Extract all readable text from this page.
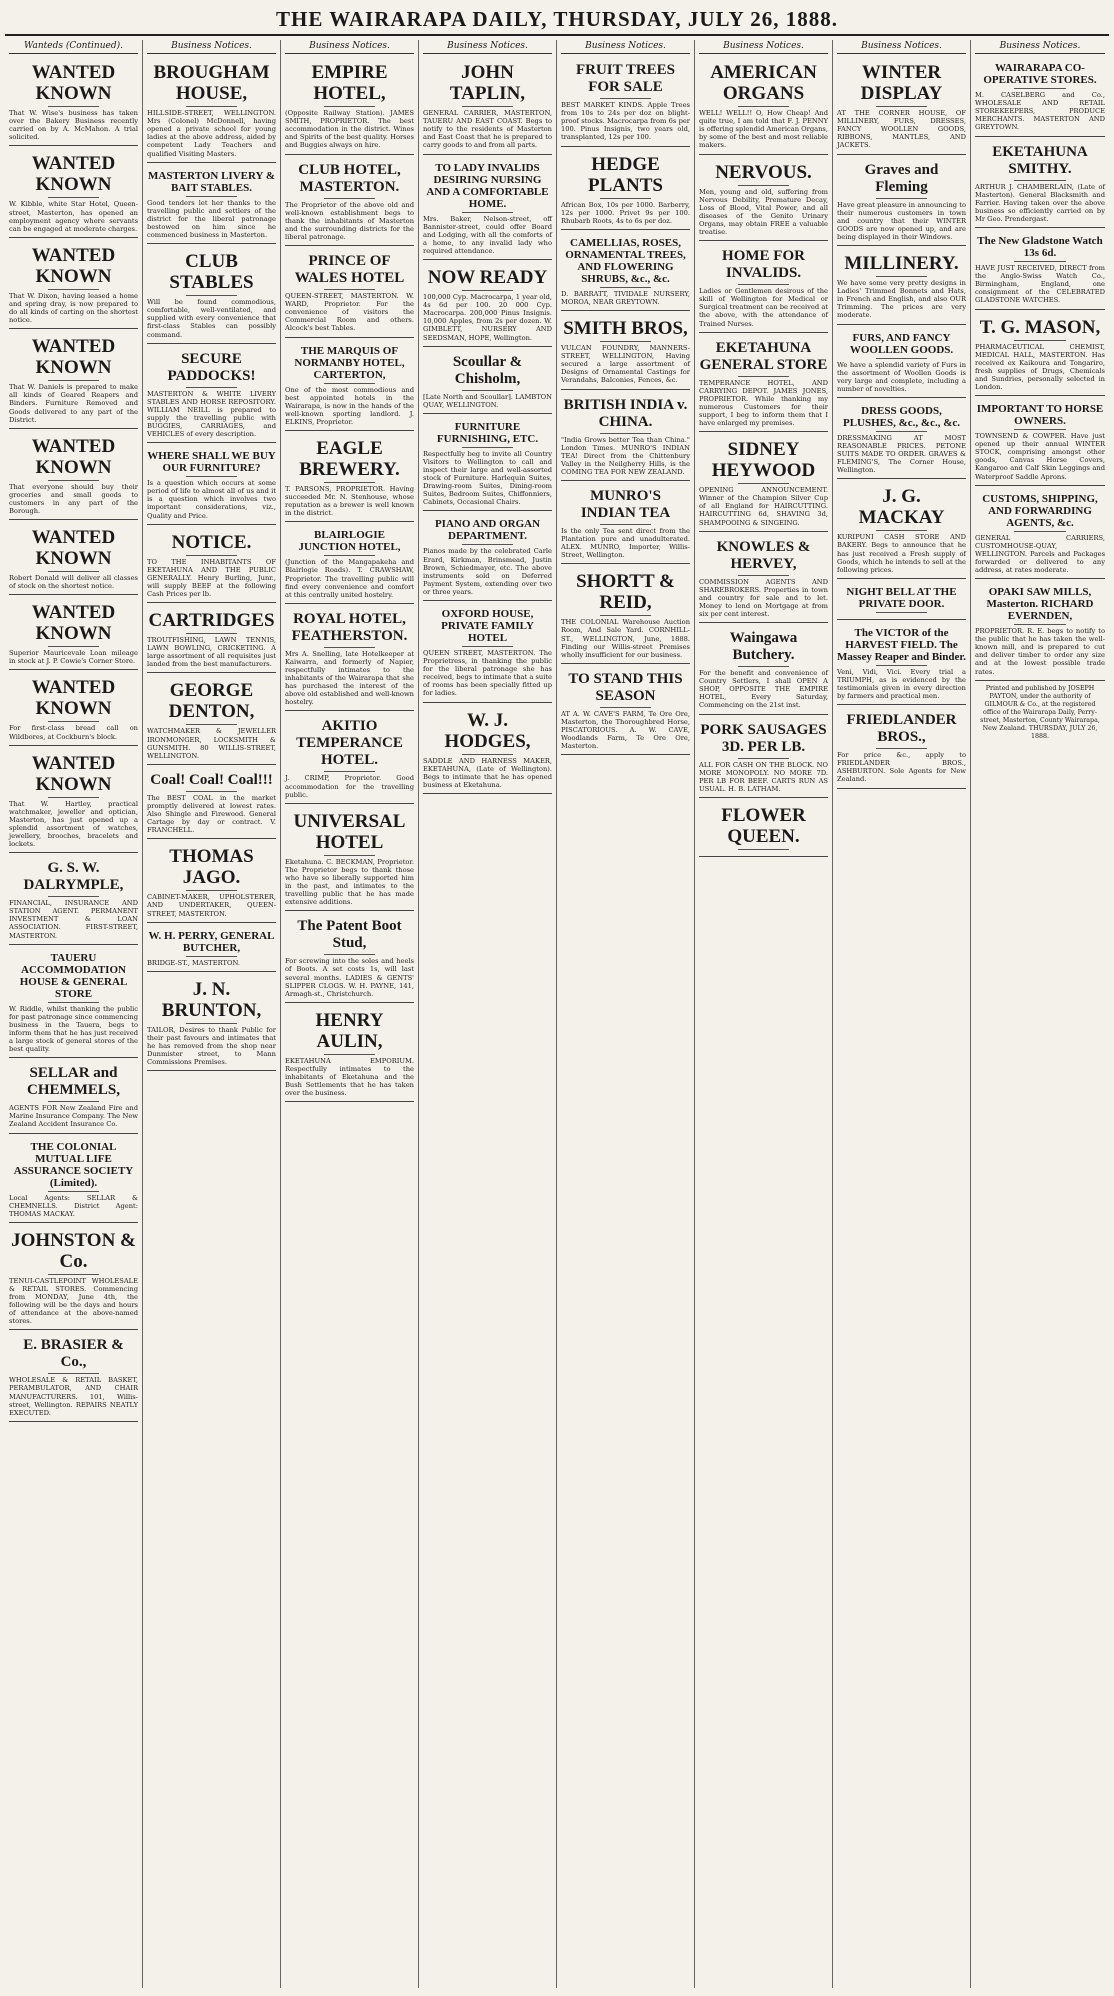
THE WAIRARAPA DAILY, THURSDAY, JULY 26, 1888.
Wanteds (Continued).
WANTED KNOWN
That W. Wise's business has taken over the Bakery Business recently carried on by A. McMahon. A trial solicited.
WANTED KNOWN
W. Kibble, white Star Hotel, Queen-street, Masterton, has opened an employment agency where servants can be engaged at moderate charges.
WANTED KNOWN
That W. Dixon, having leased a home and spring dray, is now prepared to do all kinds of carting on the shortest notice.
WANTED KNOWN
That W. Daniels is prepared to make all kinds of Geared Reapers and Binders. Furniture Removed and Goods delivered to any part of the District.
WANTED KNOWN
That everyone should buy their groceries and small goods to customers in any part of the Borough.
WANTED KNOWN
Robert Donald will deliver all classes of stock on the shortest notice.
WANTED KNOWN
Superior Mauricevale Loan mileage in stock at J. P. Cowie's Corner Store.
WANTED KNOWN
For first-class bread call on Wildbores, at Cockburn's block.
WANTED KNOWN
That W. Hartley, practical watchmaker, jeweller and optician, Masterton, has just opened up a splendid assortment of watches, jewellery, brooches, bracelets and lockets.
G. S. W. DALRYMPLE,
FINANCIAL, INSURANCE AND STATION AGENT. PERMANENT INVESTMENT & LOAN ASSOCIATION. FIRST-STREET, MASTERTON.
TAUERU ACCOMMODATION HOUSE & GENERAL STORE
W. Riddle, whilst thanking the public for past patronage since commencing business in the Tauera, begs to inform them that he has just received a large stock of general stores of the best quality.
SELLAR and CHEMMELS,
AGENTS FOR New Zealand Fire and Marine Insurance Company. The New Zealand Accident Insurance Co.
THE COLONIAL MUTUAL LIFE ASSURANCE SOCIETY (Limited).
Local Agents: SELLAR & CHEMNELLS. District Agent: THOMAS MACKAY.
JOHNSTON & Co.
TENUI-CASTLEPOINT WHOLESALE & RETAIL STORES. Commencing from MONDAY, June 4th, the following will be the days and hours of attendance at the above-named stores.
E. BRASIER & Co.,
WHOLESALE & RETAIL BASKET, PERAMBULATOR, AND CHAIR MANUFACTURERS. 101, Willis-street, Wellington. REPAIRS NEATLY EXECUTED.
Business Notices.
BROUGHAM HOUSE,
HILLSIDE-STREET, WELLINGTON. Mrs (Colonel) McDonnell, having opened a private school for young ladies at the above address, aided by competent Lady Teachers and qualified Visiting Masters.
MASTERTON LIVERY & BAIT STABLES.
Good tenders let her thanks to the travelling public and settlers of the district for the liberal patronage bestowed on him since he commenced business in Masterton.
CLUB STABLES
Will be found commodious, comfortable, well-ventilated, and supplied with every convenience that first-class Stables can possibly command.
SECURE PADDOCKS!
MASTERTON & WHITE LIVERY STABLES AND HORSE REPOSITORY. WILLIAM NEILL is prepared to supply the travelling public with BUGGIES, CARRIAGES, and VEHICLES of every description.
WHERE SHALL WE BUY OUR FURNITURE?
Is a question which occurs at some period of life to almost all of us and it is a question which involves two important considerations, viz., Quality and Price.
NOTICE.
TO THE INHABITANTS OF EKETAHUNA AND THE PUBLIC GENERALLY. Henry Burling, Junr., will supply BEEF at the following Cash Prices per lb.
CARTRIDGES
TROUTFISHING, LAWN TENNIS, LAWN BOWLING, CRICKETING. A large assortment of all requisites just landed from the best manufacturers.
GEORGE DENTON,
WATCHMAKER & JEWELLER IRONMONGER, LOCKSMITH & GUNSMITH. 80 WILLIS-STREET, WELLINGTON.
Coal! Coal! Coal!!!
The BEST COAL in the market promptly delivered at lowest rates. Also Shingle and Firewood. General Cartage by day or contract. V. FRANCHELL.
THOMAS JAGO.
CABINET-MAKER, UPHOLSTERER, AND UNDERTAKER, QUEEN-STREET, MASTERTON.
W. H. PERRY, GENERAL BUTCHER,
BRIDGE-ST., MASTERTON.
J. N. BRUNTON,
TAILOR, Desires to thank Public for their past favours and intimates that he has removed from the shop near Dunmister street, to Mann Commissions Premises.
Business Notices.
EMPIRE HOTEL,
(Opposite Railway Station). JAMES SMITH, PROPRIETOR. The best accommodation in the district. Wines and Spirits of the best quality. Horses and Buggies always on hire.
CLUB HOTEL, MASTERTON.
The Proprietor of the above old and well-known establishment begs to thank the inhabitants of Masterton and the surrounding districts for the liberal patronage.
PRINCE OF WALES HOTEL
QUEEN-STREET, MASTERTON. W. WARD, Proprietor. For the convenience of visitors the Commercial Room and others. Alcock's best Tables.
THE MARQUIS OF NORMANBY HOTEL, CARTERTON,
One of the most commodious and best appointed hotels in the Wairarapa, is now in the hands of the well-known sporting landlord. J. ELKINS, Proprietor.
EAGLE BREWERY.
T. PARSONS, PROPRIETOR. Having succeeded Mr. N. Stenhouse, whose reputation as a brewer is well known in the district.
BLAIRLOGIE JUNCTION HOTEL,
(Junction of the Mangapakeha and Blairlogie Roads). T. CRAWSHAW, Proprietor. The travelling public will find every convenience and comfort at this centrally united hostelry.
ROYAL HOTEL, FEATHERSTON.
Mrs A. Snelling, late Hotelkeeper at Kaiwarra, and formerly of Napier, respectfully intimates to the inhabitants of the Wairarapa that she has purchased the interest of the above old established and well-known hostelry.
AKITIO TEMPERANCE HOTEL.
J. CRIMP, Proprietor. Good accommodation for the travelling public.
UNIVERSAL HOTEL
Eketahuna. C. BECKMAN, Proprietor. The Proprietor begs to thank those who have so liberally supported him in the past, and intimates to the travelling public that he has made extensive additions.
The Patent Boot Stud,
For screwing into the soles and heels of Boots. A set costs 1s, will last several months. LADIES & GENTS' SLIPPER CLOGS. W. H. PAYNE, 141, Armagh-st., Christchurch.
HENRY AULIN,
EKETAHUNA EMPORIUM. Respectfully intimates to the inhabitants of Eketahuna and the Bush Settlements that he has taken over the business.
Business Notices.
JOHN TAPLIN,
GENERAL CARRIER, MASTERTON, TAUERU AND EAST COAST. Begs to notify to the residents of Masterton and East Coast that he is prepared to carry goods to and from all parts.
TO LADY INVALIDS DESIRING NURSING AND A COMFORTABLE HOME.
Mrs. Baker, Nelson-street, off Bannister-street, could offer Board and Lodging, with all the comforts of a home, to any invalid lady who required attendance.
NOW READY
100,000 Cyp. Macrocarpa, 1 year old, 4s 6d per 100. 20 000 Cyp. Macrocarpa. 200,000 Pinus Insignis. 10,000 Apples, from 2s per dozen. W. GIMBLETT, NURSERY AND SEEDSMAN, HOPE, Wellington.
Scoullar & Chisholm,
[Late North and Scoullar]. LAMBTON QUAY, WELLINGTON.
FURNITURE FURNISHING, ETC.
Respectfully beg to invite all Country Visitors to Wellington to call and inspect their large and well-assorted stock of Furniture. Harlequin Suites, Drawing-room Suites, Dining-room Suites, Bedroom Suites, Chiffonniers, Cabinets, Occasional Chairs.
PIANO AND ORGAN DEPARTMENT.
Pianos made by the celebrated Carle Erard, Kirkman, Brinsmead, Justin Brown, Schiedmayer, etc. The above instruments sold on Deferred Payment System, extending over two or three years.
OXFORD HOUSE, PRIVATE FAMILY HOTEL
QUEEN STREET, MASTERTON. The Proprietress, in thanking the public for the liberal patronage she has received, begs to intimate that a suite of rooms has been specially fitted up for ladies.
W. J. HODGES,
SADDLE AND HARNESS MAKER, EKETAHUNA, (Late of Wellington). Begs to intimate that he has opened business at Eketahuna.
Business Notices.
FRUIT TREES FOR SALE
BEST MARKET KINDS. Apple Trees from 10s to 24s per doz on blight-proof stocks. Macrocarpa from 6s per 100. Pinus Insignis, two years old, transplanted, 12s per 100.
HEDGE PLANTS
African Box, 10s per 1000. Barberry, 12s per 1000. Privet 9s per 100. Rhubarb Roots, 4s to 6s per doz.
CAMELLIAS, ROSES, ORNAMENTAL TREES, AND FLOWERING SHRUBS, &c., &c.
D. BARRATT, TIVIDALE NURSERY, MOROA, NEAR GREYTOWN.
SMITH BROS,
VULCAN FOUNDRY, MANNERS-STREET, WELLINGTON, Having secured a large assortment of Designs of Ornamental Castings for Verandahs, Balconies, Fences, &c.
BRITISH INDIA v. CHINA.
"India Grows better Tea than China." London Times. MUNRO'S INDIAN TEA! Direct from the Chittenbury Valley in the Neilgherry Hills, is the COMING TEA FOR NEW ZEALAND.
MUNRO'S INDIAN TEA
Is the only Tea sent direct from the Plantation pure and unadulterated. ALEX. MUNRO, Importer, Willis-Street, Wellington.
SHORTT & REID,
THE COLONIAL Warehouse Auction Room, And Sale Yard. CORNHILL-ST., WELLINGTON, June, 1888. Finding our Willis-street Premises wholly insufficient for our business.
TO STAND THIS SEASON
AT A. W. CAVE'S FARM, Te Ore Ore, Masterton, the Thoroughbred Horse, PISCATORIOUS. A. W. CAVE, Woodlands Farm, Te Ore Ore, Masterton.
Business Notices.
AMERICAN ORGANS
WELL! WELL!! O, How Cheap! And quite true, I am told that F. J. PENNY is offering splendid American Organs, by some of the best and most reliable makers.
NERVOUS.
Men, young and old, suffering from Nervous Debility, Premature Decay, Loss of Blood, Vital Power, and all diseases of the Genito Urinary Organs, may obtain FREE a valuable treatise.
HOME FOR INVALIDS.
Ladies or Gentlemen desirous of the skill of Wellington for Medical or Surgical treatment can be received at the above, with the attendance of Trained Nurses.
EKETAHUNA GENERAL STORE
TEMPERANCE HOTEL, AND CARRYING DEPOT. JAMES JONES, PROPRIETOR. While thanking my numerous Customers for their support, I beg to inform them that I have enlarged my premises.
SIDNEY HEYWOOD
OPENING ANNOUNCEMENT. Winner of the Champion Silver Cup of all England for HAIRCUTTING. HAIRCUTTING 6d, SHAVING 3d, SHAMPOOING & SINGEING.
KNOWLES & HERVEY,
COMMISSION AGENTS AND SHAREBROKERS. Properties in town and country for sale and to let. Money to lend on Mortgage at from six per cent interest.
Waingawa Butchery.
For the benefit and convenience of Country Settlers, I shall OPEN A SHOP, OPPOSITE THE EMPIRE HOTEL, Every Saturday, Commencing on the 21st inst.
PORK SAUSAGES 3D. PER LB.
ALL FOR CASH ON THE BLOCK. NO MORE MONOPOLY. NO MORE 7D. PER LB FOR BEEF. CARTS RUN AS USUAL. H. B. LATHAM.
FLOWER QUEEN.
Business Notices.
WINTER DISPLAY
AT THE CORNER HOUSE, OF MILLINERY, FURS, DRESSES, FANCY WOOLLEN GOODS, RIBBONS, MANTLES, AND JACKETS.
Graves and Fleming
Have great pleasure in announcing to their numerous customers in town and country that their WINTER GOODS are now opened up, and are being displayed in their Windows.
MILLINERY.
We have some very pretty designs in Ladies' Trimmed Bonnets and Hats, in French and English, and also OUR Trimming. The prices are very moderate.
FURS, AND FANCY WOOLLEN GOODS.
We have a splendid variety of Furs in the assortment of Woollen Goods is very large and complete, including a number of novelties.
DRESS GOODS, PLUSHES, &c., &c., &c.
DRESSMAKING AT MOST REASONABLE PRICES. PETONE SUITS MADE TO ORDER. GRAVES & FLEMING'S, The Corner House, Wellington.
J. G. MACKAY
KURIPUNI CASH STORE AND BAKERY. Begs to announce that he has just received a Fresh supply of Goods, which he intends to sell at the following prices.
NIGHT BELL AT THE PRIVATE DOOR.
The VICTOR of the HARVEST FIELD. The Massey Reaper and Binder.
Veni, Vidi, Vici. Every trial a TRIUMPH, as is evidenced by the testimonials given in every direction by farmers and practical men.
FRIEDLANDER BROS.,
For price &c., apply to FRIEDLANDER BROS., ASHBURTON. Sole Agents for New Zealand.
Business Notices.
WAIRARAPA CO-OPERATIVE STORES.
M. CASELBERG and Co., WHOLESALE AND RETAIL STOREKEEPERS, PRODUCE MERCHANTS. MASTERTON AND GREYTOWN.
EKETAHUNA SMITHY.
ARTHUR J. CHAMBERLAIN, (Late of Masterton). General Blacksmith and Farrier. Having taken over the above business so efficiently carried on by Mr Geo. Prendergast.
The New Gladstone Watch 13s 6d.
HAVE JUST RECEIVED, DIRECT from the Anglo-Swiss Watch Co., Birmingham, England, one consignment of the CELEBRATED GLADSTONE WATCHES.
T. G. MASON,
PHARMACEUTICAL CHEMIST, MEDICAL HALL, MASTERTON. Has received ex Kaikoura and Tongariro, fresh supplies of Drugs, Chemicals and Sundries, personally selected in London.
IMPORTANT TO HORSE OWNERS.
TOWNSEND & COWPER. Have just opened up their annual WINTER STOCK, comprising amongst other goods, Canvas Horse Covers, Kangaroo and Calf Skin Leggings and Waterproof Saddle Aprons.
CUSTOMS, SHIPPING, AND FORWARDING AGENTS, &c.
GENERAL CARRIERS, CUSTOMHOUSE-QUAY, WELLINGTON. Parcels and Packages forwarded or delivered to any address, at rates moderate.
OPAKI SAW MILLS, Masterton. RICHARD EVERNDEN,
PROPRIETOR. R. E. begs to notify to the public that he has taken the well-known mill, and is prepared to cut and deliver timber to order any size and at the lowest possible trade rates.
Printed and published by JOSEPH PAYTON, under the authority of GILMOUR & Co., at the registered office of the Wairarapa Daily, Perry-street, Masterton, County Wairarapa, New Zealand. THURSDAY, JULY 26, 1888.
